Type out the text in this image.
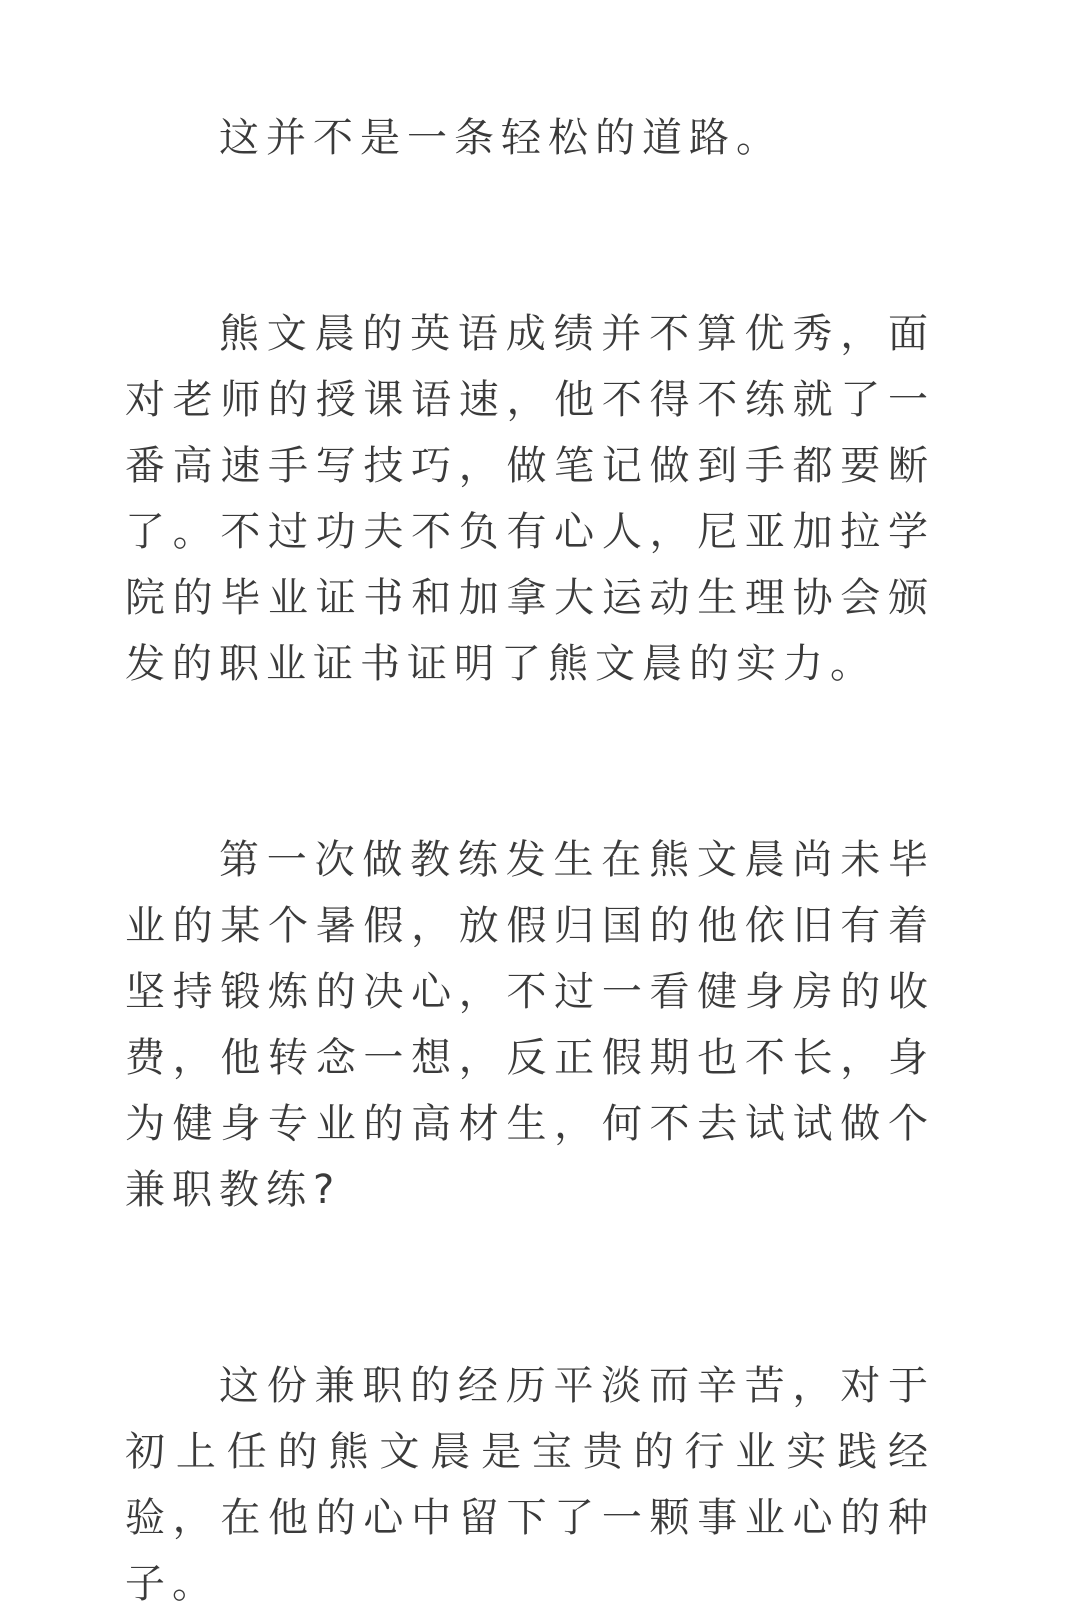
这并不是一条轻松的道路。

熊文晨的英语成绩并不算优秀，面对老师的授课语速，他不得不练就了一番高速手写技巧，做笔记做到手都要断了。不过功夫不负有心人，尼亚加拉学院的毕业证书和加拿大运动生理协会颁发的职业证书证明了熊文晨的实力。

第一次做教练发生在熊文晨尚未毕业的某个暑假，放假归国的他依旧有着坚持锻炼的决心，不过一看健身房的收费，他转念一想，反正假期也不长，身为健身专业的高材生，何不去试试做个兼职教练?

这份兼职的经历平淡而辛苦，对于初上任的熊文晨是宝贵的行业实践经验，在他的心中留下了一颗事业心的种子。
